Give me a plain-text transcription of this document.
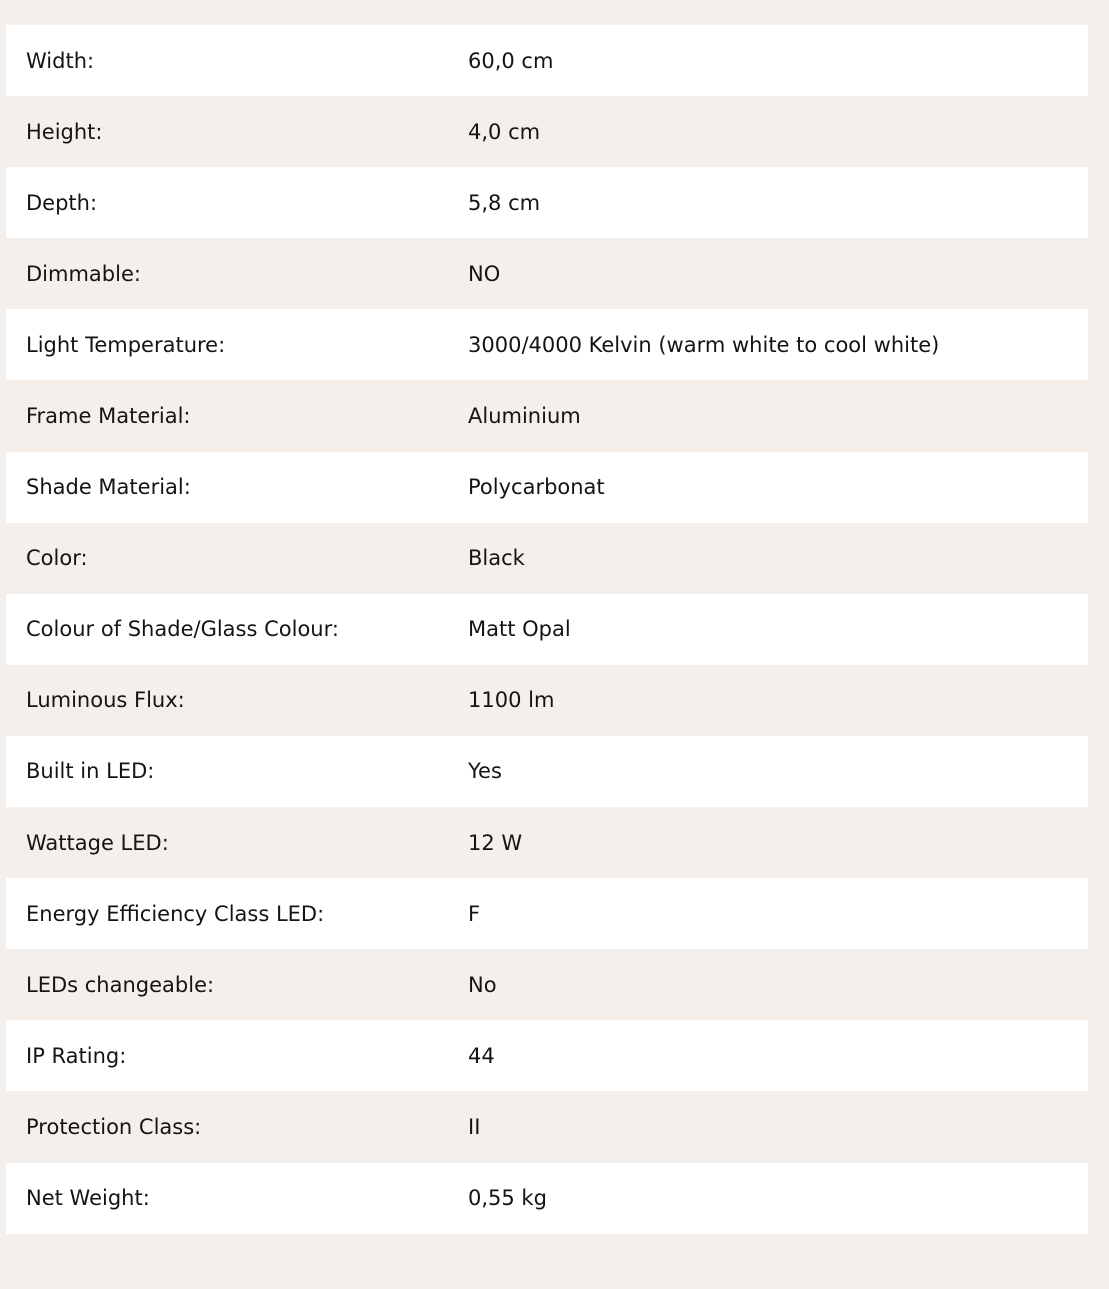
Width:	60,0 cm
Height:	4,0 cm
Depth:	5,8 cm
Dimmable:	NO
Light Temperature:	3000/4000 Kelvin (warm white to cool white)
Frame Material:	Aluminium
Shade Material:	Polycarbonat
Color:	Black
Colour of Shade/Glass Colour:	Matt Opal
Luminous Flux:	1100 lm
Built in LED:	Yes
Wattage LED:	12 W
Energy Efficiency Class LED:	F
LEDs changeable:	No
IP Rating:	44
Protection Class:	II
Net Weight:	0,55 kg
